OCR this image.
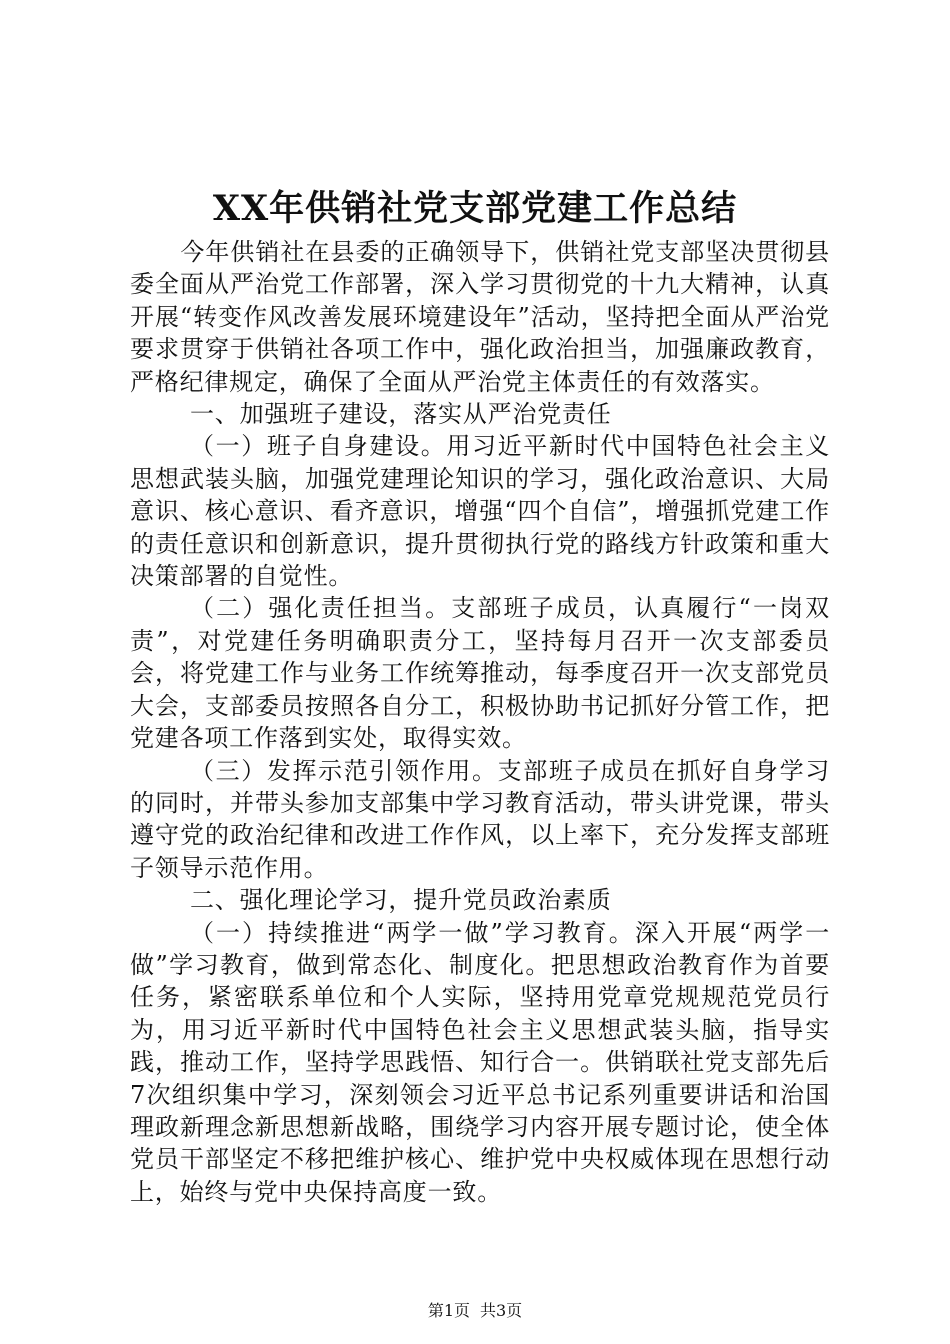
XX年供销社党支部党建工作总结

今年供销社在县委的正确领导下，供销社党支部坚决贯彻县委全面从严治党工作部署，深入学习贯彻党的十九大精神，认真开展“转变作风改善发展环境建设年”活动，坚持把全面从严治党要求贯穿于供销社各项工作中，强化政治担当，加强廉政教育，严格纪律规定，确保了全面从严治党主体责任的有效落实。

一、加强班子建设，落实从严治党责任

（一）班子自身建设。用习近平新时代中国特色社会主义思想武装头脑，加强党建理论知识的学习，强化政治意识、大局意识、核心意识、看齐意识，增强“四个自信”，增强抓党建工作的责任意识和创新意识，提升贯彻执行党的路线方针政策和重大决策部署的自觉性。

（二）强化责任担当。支部班子成员，认真履行“一岗双责”，对党建任务明确职责分工，坚持每月召开一次支部委员会，将党建工作与业务工作统筹推动，每季度召开一次支部党员大会，支部委员按照各自分工，积极协助书记抓好分管工作，把党建各项工作落到实处，取得实效。

（三）发挥示范引领作用。支部班子成员在抓好自身学习的同时，并带头参加支部集中学习教育活动，带头讲党课，带头遵守党的政治纪律和改进工作作风，以上率下，充分发挥支部班子领导示范作用。

二、强化理论学习，提升党员政治素质

（一）持续推进“两学一做”学习教育。深入开展“两学一做”学习教育，做到常态化、制度化。把思想政治教育作为首要任务，紧密联系单位和个人实际，坚持用党章党规规范党员行为，用习近平新时代中国特色社会主义思想武装头脑，指导实践，推动工作，坚持学思践悟、知行合一。供销联社党支部先后7次组织集中学习，深刻领会习近平总书记系列重要讲话和治国理政新理念新思想新战略，围绕学习内容开展专题讨论，使全体党员干部坚定不移把维护核心、维护党中央权威体现在思想行动上，始终与党中央保持高度一致。

第1页 共3页
